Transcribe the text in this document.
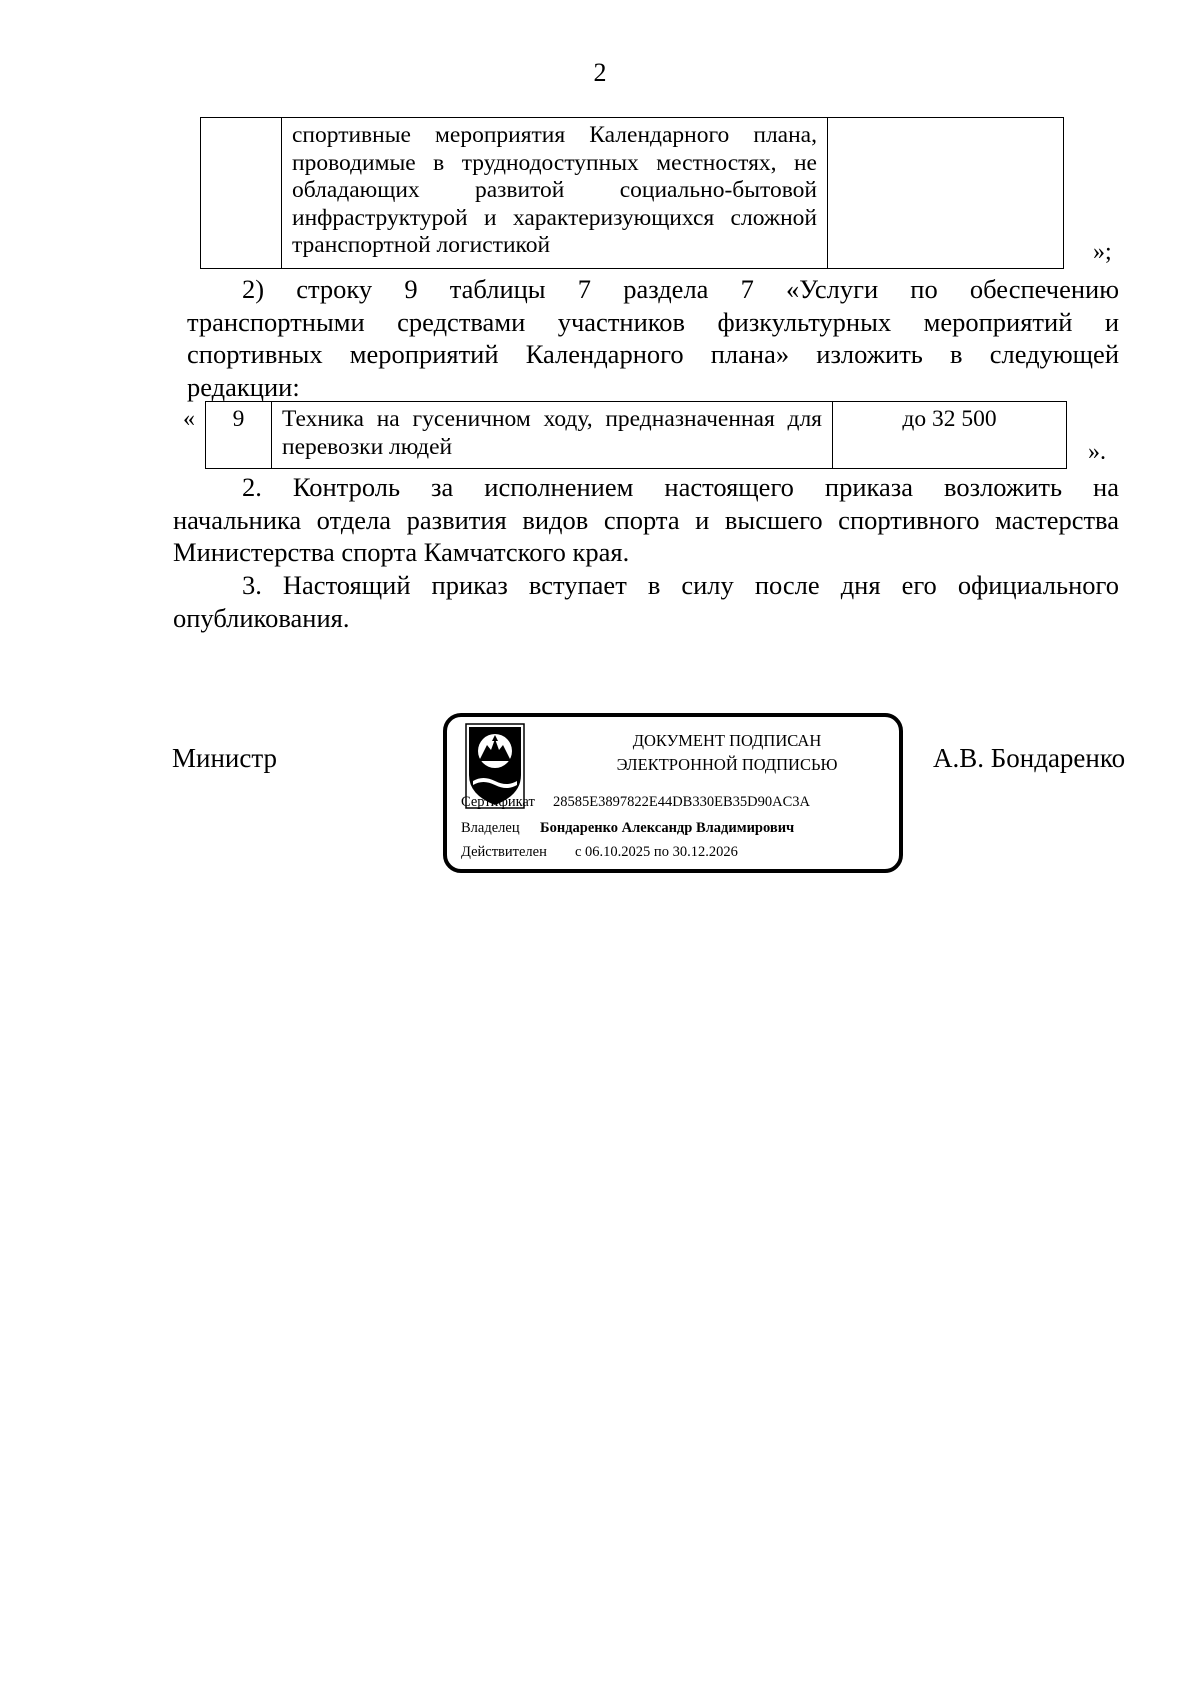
2

спортивные мероприятия Календарного плана,
проводимые в труднодоступных местностях, не
обладающих развитой социально-бытовой
инфраструктурой и характеризующихся сложной
транспортной логистикой
		»;
2) строку 9 таблицы 7 раздела 7 «Услуги по обеспечению
транспортными средствами участников физкультурных мероприятий и
спортивных мероприятий Календарного плана» изложить в следующей
редакции:
« 9	Техника на гусеничном ходу, предназначенная для
перевозки людей
	до 32 500
».
2. Контроль за исполнением настоящего приказа возложить на
начальника отдела развития видов спорта и высшего спортивного мастерства
Министерства спорта Камчатского края.
3. Настоящий приказ вступает в силу после дня его официального
опубликования.
Министр	А.В. Бондаренко
ДОКУМЕНТ ПОДПИСАН
ЭЛЕКТРОННОЙ ПОДПИСЬЮ
Сертификат 28585E3897822E44DB330EB35D90AC3A
Владелец Бондаренко Александр Владимирович
Действителен с 06.10.2025 по 30.12.2026
